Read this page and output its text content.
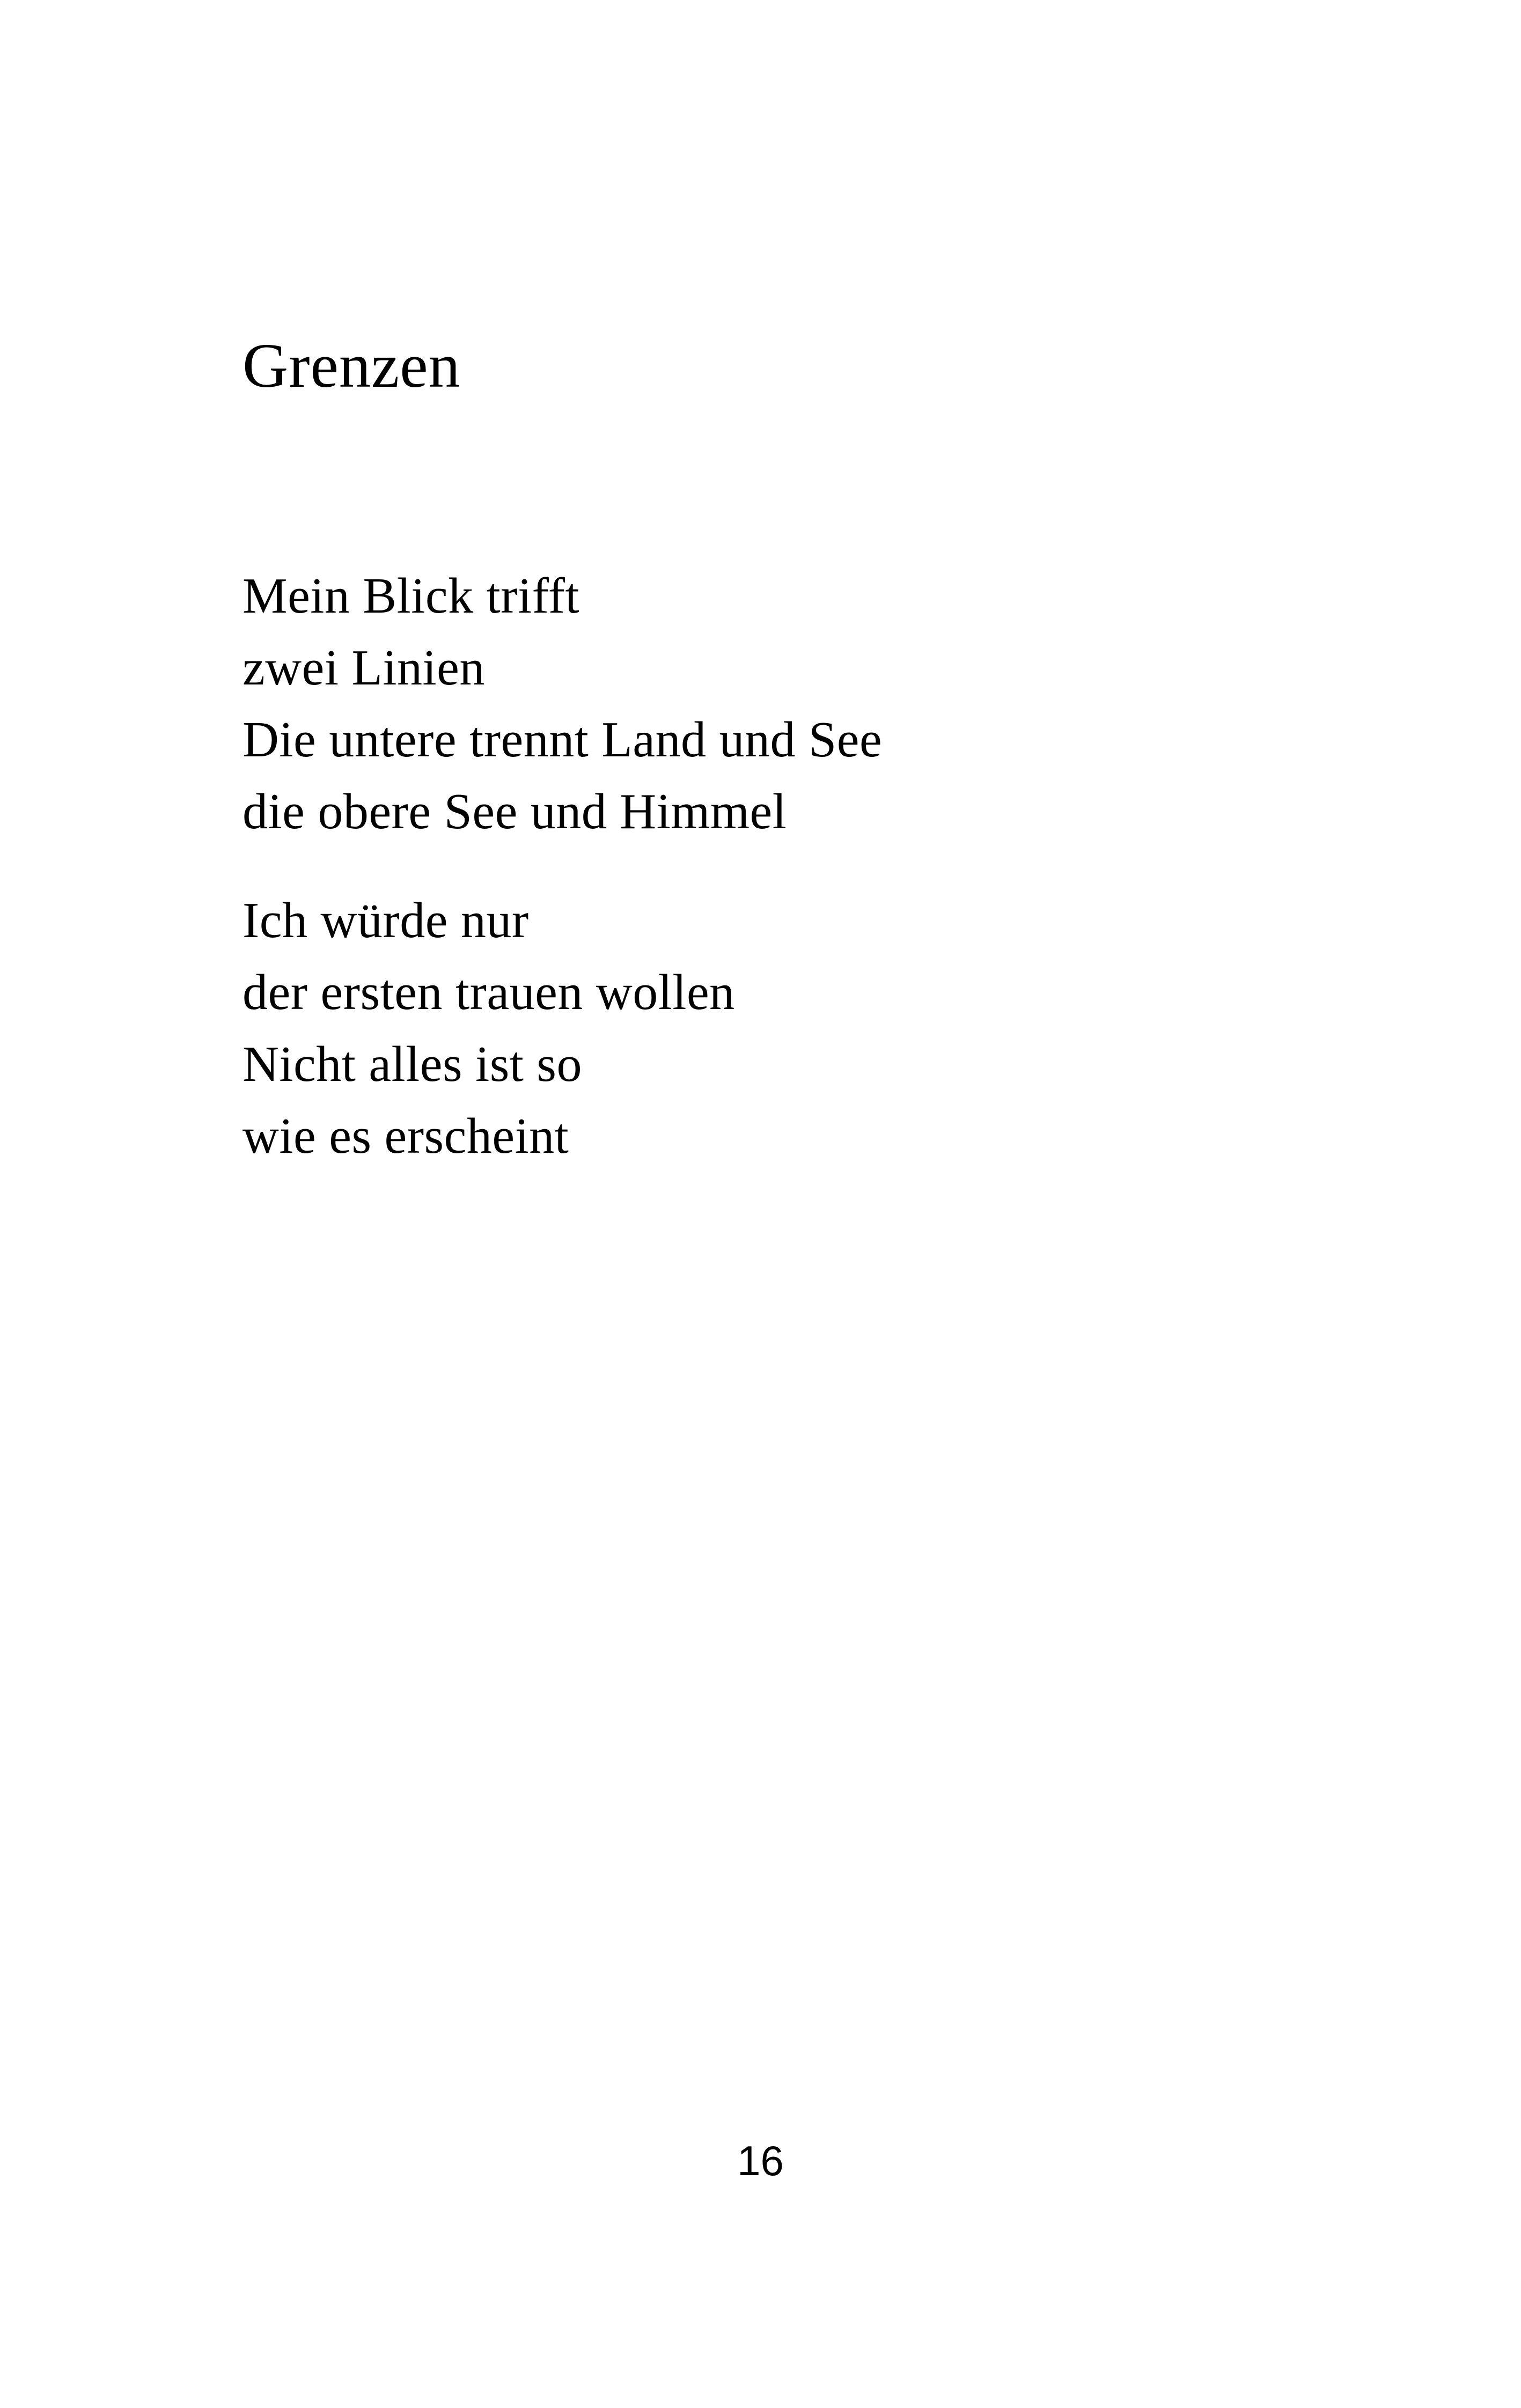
Grenzen
Mein Blick trifft
zwei Linien
Die untere trennt Land und See
die obere See und Himmel
Ich würde nur
der ersten trauen wollen
Nicht alles ist so
wie es erscheint
16
